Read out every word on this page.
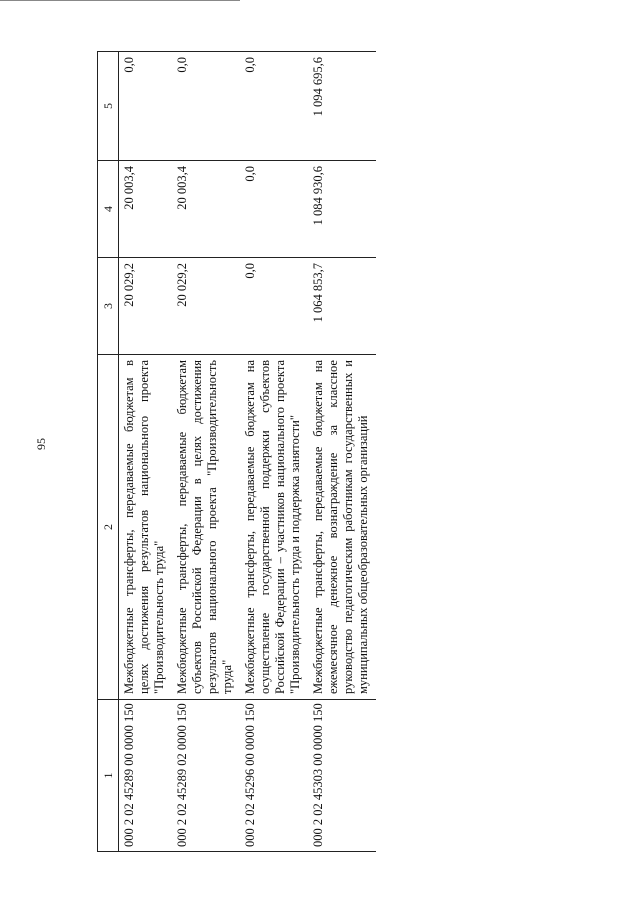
95
1	2	3	4	5
000 2 02 45289 00 0000 150	Межбюджетные трансферты, передаваемые бюджетам в целях достижения результатов национального проекта "Производительность труда"	20 029,2	20 003,4	0,0
000 2 02 45289 02 0000 150	Межбюджетные трансферты, передаваемые бюджетам субъектов Российской Федерации в целях достижения результатов национального проекта "Производительность труда"	20 029,2	20 003,4	0,0
000 2 02 45296 00 0000 150	Межбюджетные трансферты, передаваемые бюджетам на осуществление государственной поддержки субъектов Российской Федерации – участников национального проекта "Производительность труда и поддержка занятости"	0,0	0,0	0,0
000 2 02 45303 00 0000 150	Межбюджетные трансферты, передаваемые бюджетам на ежемесячное денежное вознаграждение за классное руководство педагогическим работникам государственных и муниципальных общеобразовательных организаций	1 064 853,7	1 084 930,6	1 094 695,6
